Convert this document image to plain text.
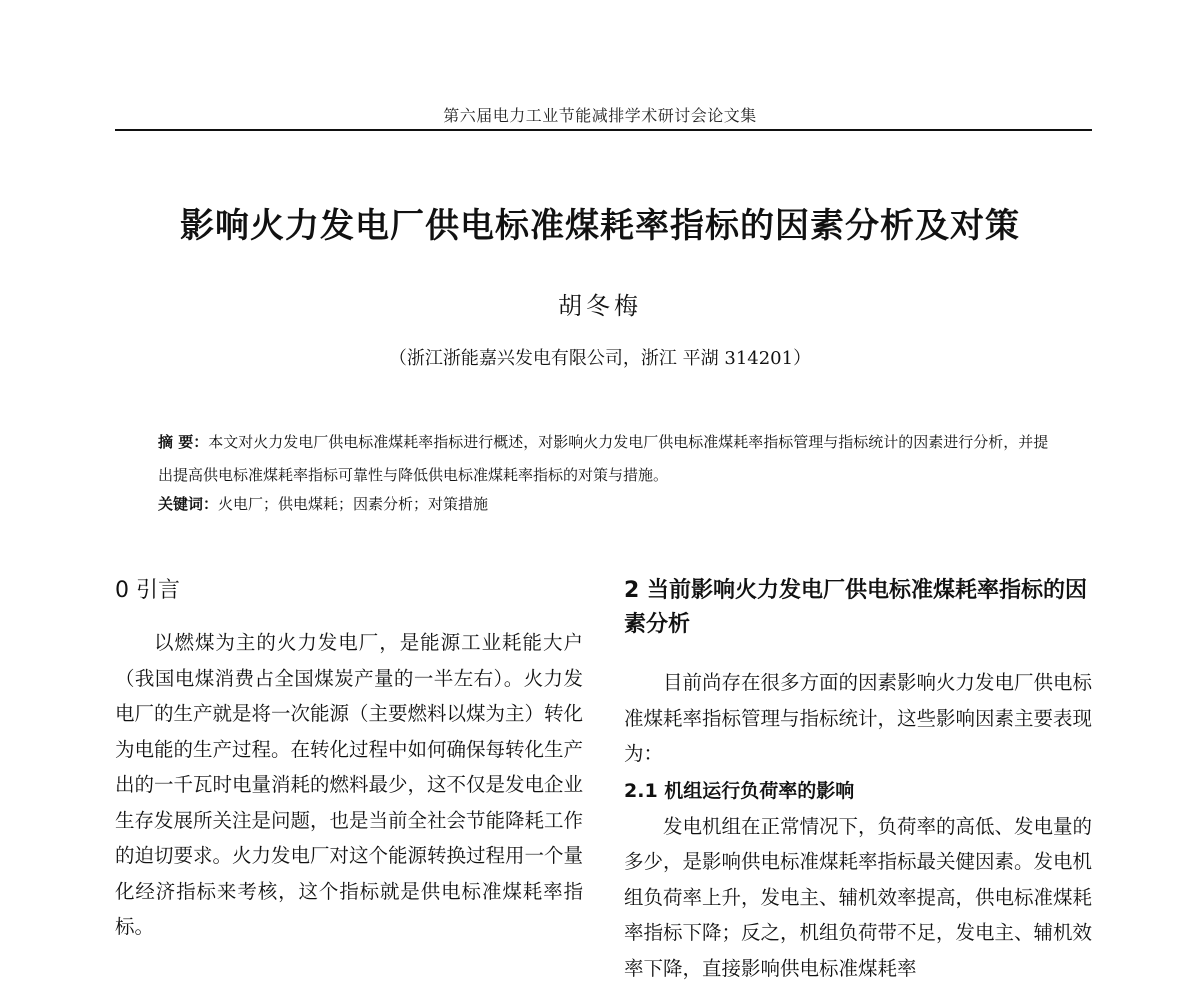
第六届电力工业节能减排学术研讨会论文集
影响火力发电厂供电标准煤耗率指标的因素分析及对策
胡冬梅
（浙江浙能嘉兴发电有限公司，浙江 平湖 314201）
摘 要：本文对火力发电厂供电标准煤耗率指标进行概述，对影响火力发电厂供电标准煤耗率指标管理与指标统计的因素进行分析，并提出提高供电标准煤耗率指标可靠性与降低供电标准煤耗率指标的对策与措施。
关键词：火电厂；供电煤耗；因素分析；对策措施
0 引言

以燃煤为主的火力发电厂，是能源工业耗能大户（我国电煤消费占全国煤炭产量的一半左右）。火力发电厂的生产就是将一次能源（主要燃料以煤为主）转化为电能的生产过程。在转化过程中如何确保每转化生产出的一千瓦时电量消耗的燃料最少，这不仅是发电企业生存发展所关注是问题，也是当前全社会节能降耗工作的迫切要求。火力发电厂对这个能源转换过程用一个量化经济指标来考核，这个指标就是供电标准煤耗率指标。

2 当前影响火力发电厂供电标准煤耗率指标的因素分析

目前尚存在很多方面的因素影响火力发电厂供电标准煤耗率指标管理与指标统计，这些影响因素主要表现为：

2.1 机组运行负荷率的影响

发电机组在正常情况下，负荷率的高低、发电量的多少，是影响供电标准煤耗率指标最关健因素。发电机组负荷率上升，发电主、辅机效率提高，供电标准煤耗率指标下降；反之，机组负荷带不足，发电主、辅机效率下降，直接影响供电标准煤耗率
